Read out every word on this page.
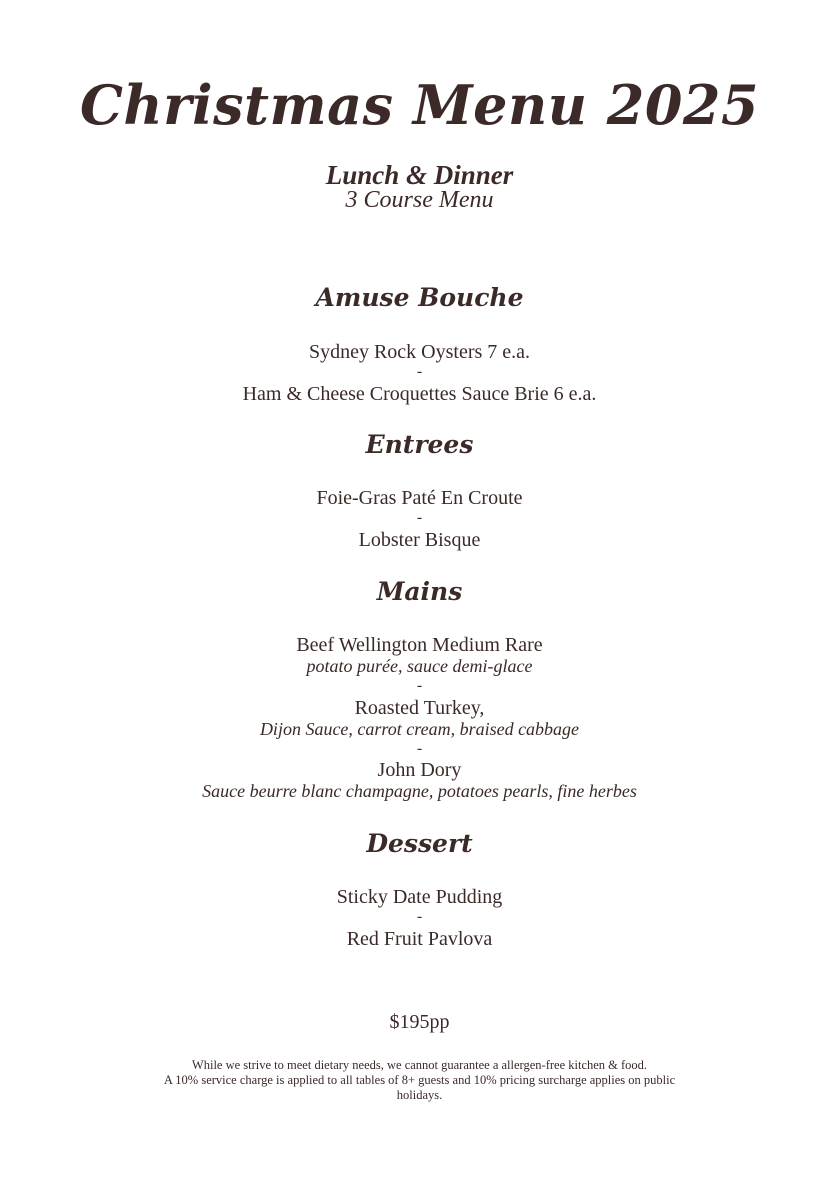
Christmas Menu 2025
Lunch & Dinner
3 Course Menu
Amuse Bouche
Sydney Rock Oysters 7 e.a.
-
Ham & Cheese Croquettes Sauce Brie 6 e.a.
Entrees
Foie-Gras Paté En Croute
-
Lobster Bisque
Mains
Beef Wellington Medium Rare
potato purée, sauce demi-glace
-
Roasted Turkey,
Dijon Sauce, carrot cream, braised cabbage
-
John Dory
Sauce beurre blanc champagne, potatoes pearls, fine herbes
Dessert
Sticky Date Pudding
-
Red Fruit Pavlova
$195pp
While we strive to meet dietary needs, we cannot guarantee a allergen-free kitchen & food.
A 10% service charge is applied to all tables of 8+ guests and 10% pricing surcharge applies on public
holidays.
